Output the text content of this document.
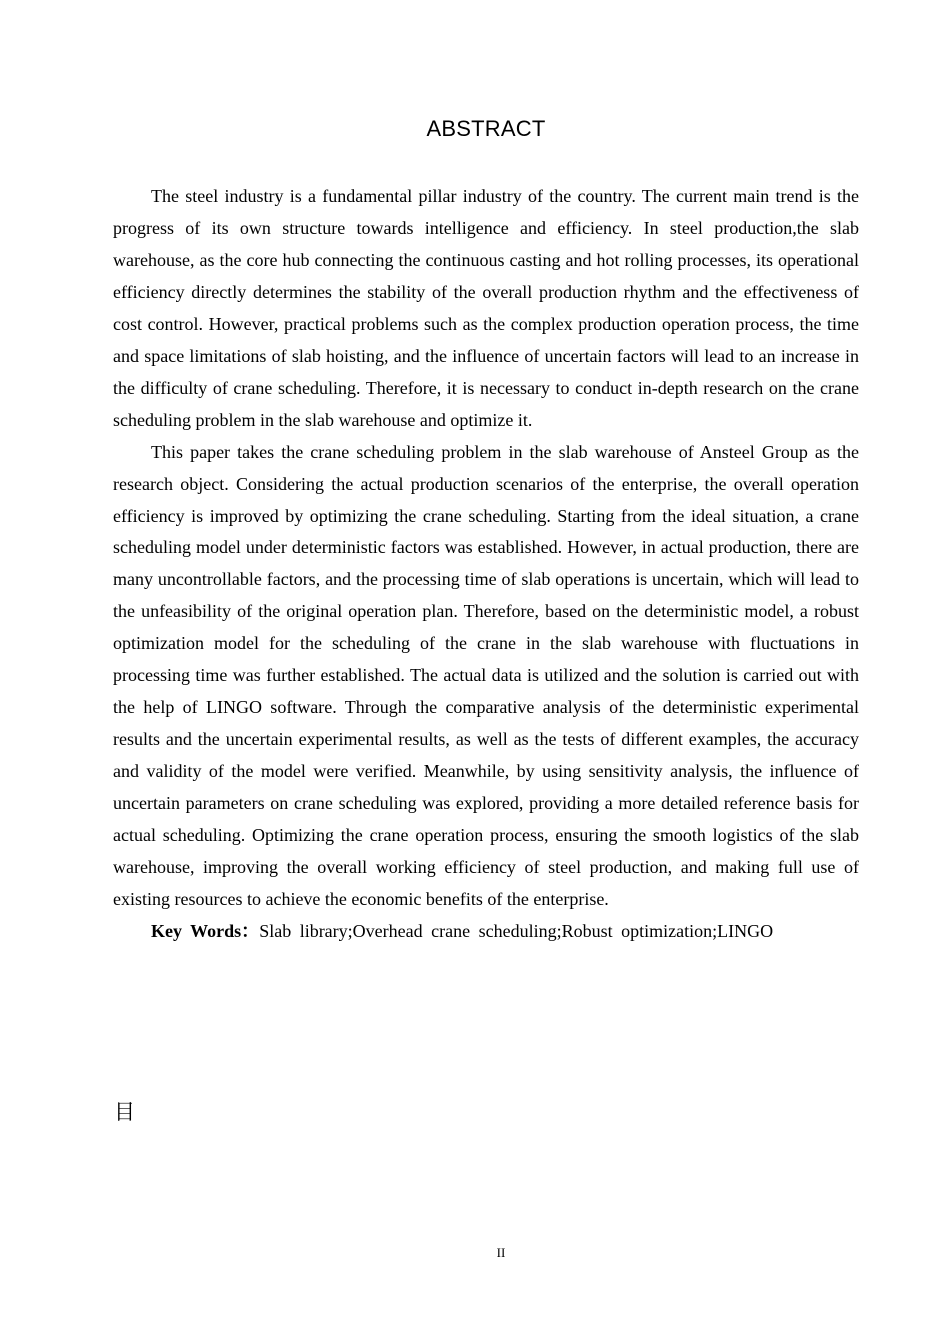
ABSTRACT

The steel industry is a fundamental pillar industry of the country. The current main trend is the progress of its own structure towards intelligence and efficiency. In steel production,the slab warehouse, as the core hub connecting the continuous casting and hot rolling processes, its operational efficiency directly determines the stability of the overall production rhythm and the effectiveness of cost control. However, practical problems such as the complex production operation process, the time and space limitations of slab hoisting, and the influence of uncertain factors will lead to an increase in the difficulty of crane scheduling. Therefore, it is necessary to conduct in-depth research on the crane scheduling problem in the slab warehouse and optimize it.

This paper takes the crane scheduling problem in the slab warehouse of Ansteel Group as the research object. Considering the actual production scenarios of the enterprise, the overall operation efficiency is improved by optimizing the crane scheduling. Starting from the ideal situation, a crane scheduling model under deterministic factors was established. However, in actual production, there are many uncontrollable factors, and the processing time of slab operations is uncertain, which will lead to the unfeasibility of the original operation plan. Therefore, based on the deterministic model, a robust optimization model for the scheduling of the crane in the slab warehouse with fluctuations in processing time was further established. The actual data is utilized and the solution is carried out with the help of LINGO software. Through the comparative analysis of the deterministic experimental results and the uncertain experimental results, as well as the tests of different examples, the accuracy and validity of the model were verified. Meanwhile, by using sensitivity analysis, the influence of uncertain parameters on crane scheduling was explored, providing a more detailed reference basis for actual scheduling. Optimizing the crane operation process, ensuring the smooth logistics of the slab warehouse, improving the overall working efficiency of steel production, and making full use of existing resources to achieve the economic benefits of the enterprise.

Key Words：Slab library;Overhead crane scheduling;Robust optimization;LINGO

目
II
